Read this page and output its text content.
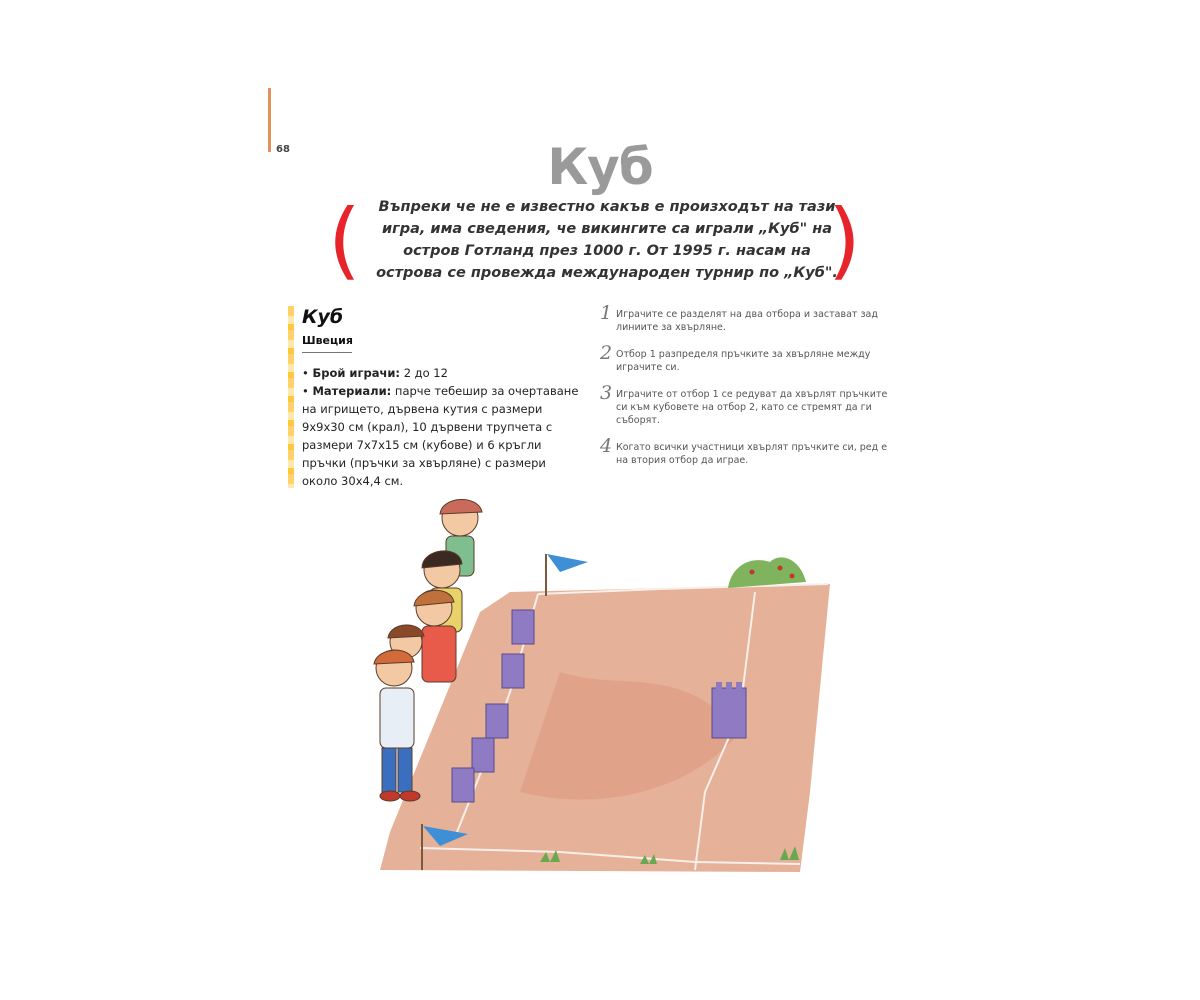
68	Куб
(	Въпреки че не е известно какъв е произходът на тази игра, има сведения, че викингите са играли „Куб" на остров Готланд през 1000 г. От 1995 г. насам на острова се провежда международен турнир по „Куб".
)
Куб
Швеция

• Брой играчи: 2 до 12

• Материали: парче тебешир за очертаване на игрището, дървена кутия с размери 9х9х30 см (крал), 10 дървени трупчета с размери 7х7х15 см (кубове) и 6 кръгли пръчки (пръчки за хвърляне) с размери около 30х4,4 см.

1 Играчите се разделят на два отбора и застават зад линиите за хвърляне.
2 Отбор 1 разпределя пръчките за хвърляне между играчите си.
3 Играчите от отбор 1 се редуват да хвърлят пръчките си към кубовете на отбор 2, като се стремят да ги съборят.
4 Когато всички участници хвърлят пръчките си, ред е на втория отбор да играе.
